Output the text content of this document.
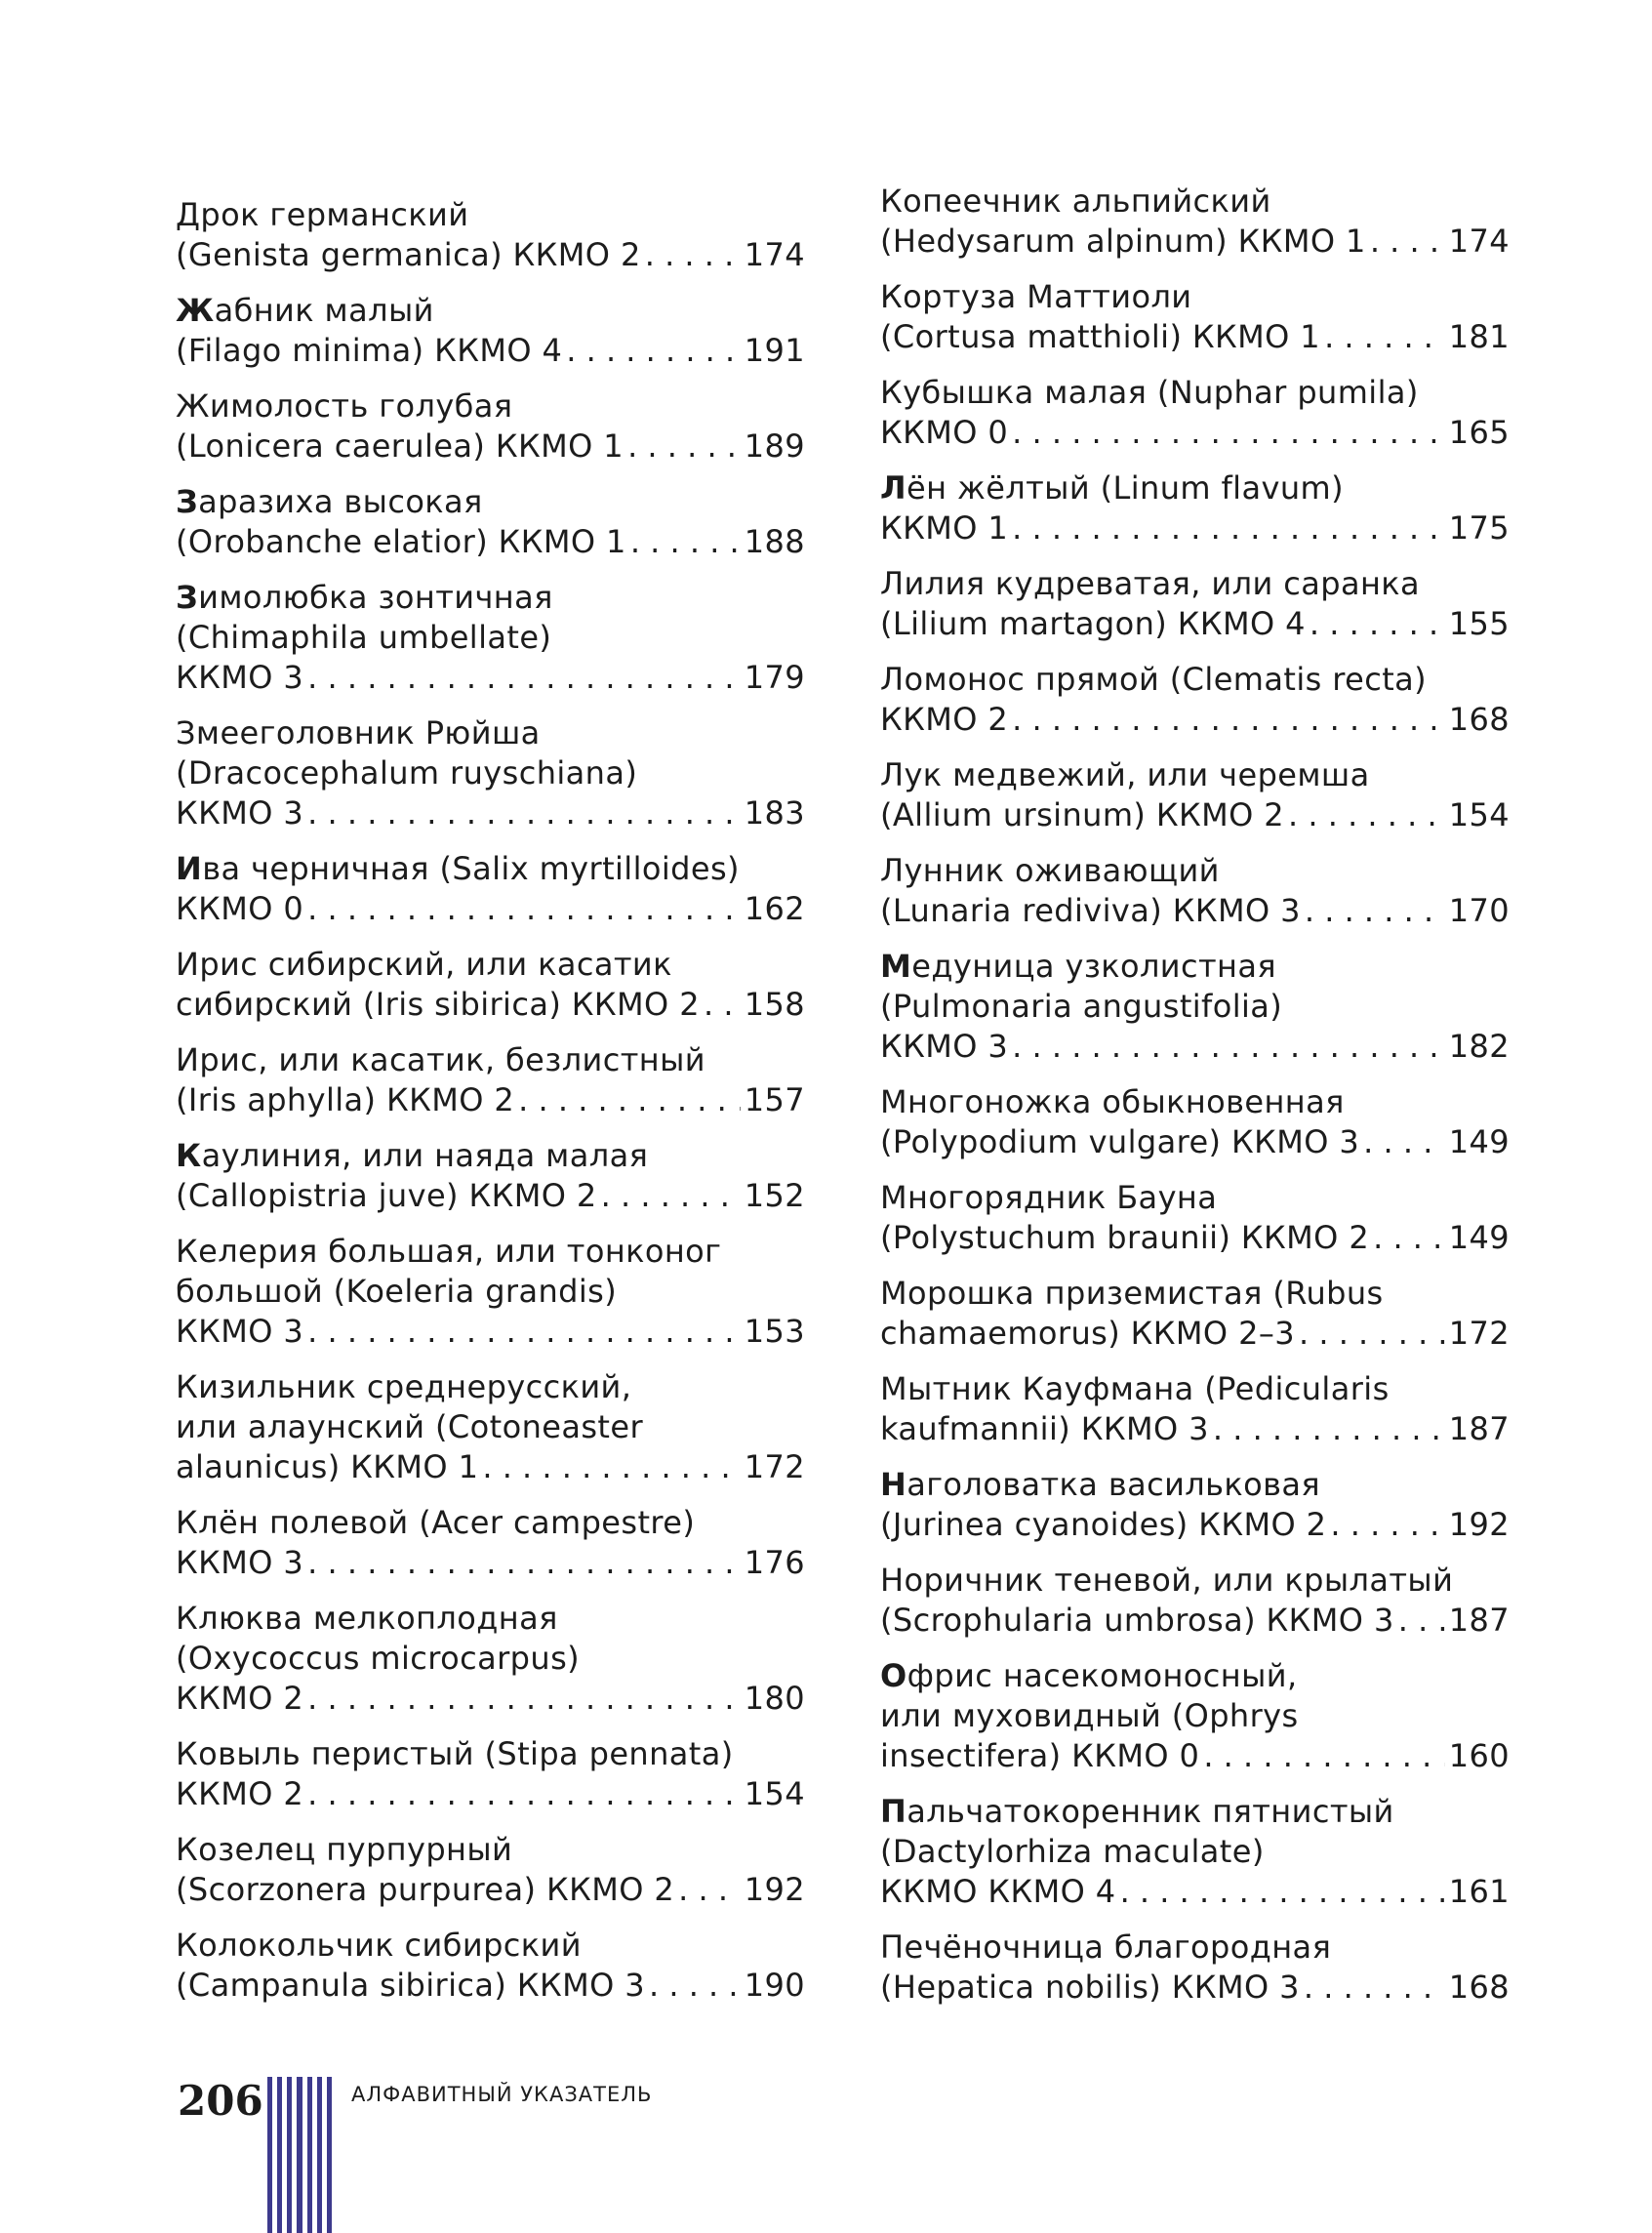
Дрок германский
(Genista germanica) ККМО 2 . . .	174
Жабник малый
(Filago minima) ККМО 4 . . .	191
Жимолость голубая
(Lonicera caerulea) ККМО 1 . . .	189
Заразиха высокая
(Orobanche elatior) ККМО 1 . . .	188
Зимолюбка зонтичная
(Chimaphila umbellate)
ККМО 3 . . .	179
Змееголовник Рюйша
(Dracocephalum ruyschiana)
ККМО 3 . . .	183
Ива черничная (Salix myrtilloides)
ККМО 0 . . .	162
Ирис сибирский, или касатик
сибирский (Iris sibirica) ККМО 2 . . . 158
Ирис, или касатик, безлистный
(Iris aphylla) ККМО 2 . . .	157
Каулиния, или наяда малая
(Callopistria juve) ККМО 2 . . .	152
Келерия большая, или тонконог
большой (Koeleria grandis)
ККМО 3 . . .	153
Кизильник среднерусский,
или алаунский (Cotoneaster
alaunicus) ККМО 1 . . .	172
Клён полевой (Acer campestre)
ККМО 3 . . .	176
Клюква мелкоплодная
(Oxycoccus microcarpus)
ККМО 2 . . .	180
Ковыль перистый (Stipa pennata)
ККМО 2 . . .	154
Козелец пурпурный
(Scorzonera purpurea) ККМО 2 . . . 192
Колокольчик сибирский
(Campanula sibirica) ККМО 3 . . .	190
Копеечник альпийский
(Hedysarum alpinum) ККМО 1 . . .	174
Кортуза Маттиоли
(Cortusa matthioli) ККМО 1 . . .	181
Кубышка малая (Nuphar pumila)
ККМО 0 . . .	165
Лён жёлтый (Linum flavum)
ККМО 1 . . .	175
Лилия кудреватая, или саранка
(Lilium martagon) ККМО 4 . . .	155
Ломонос прямой (Clematis recta)
ККМО 2 . . .	168
Лук медвежий, или черемша
(Allium ursinum) ККМО 2 . . .	154
Лунник оживающий
(Lunaria rediviva) ККМО 3 . . .	170
Медуница узколистная
(Pulmonaria angustifolia)
ККМО 3 . . .	182
Многоножка обыкновенная
(Polypodium vulgare) ККМО 3 . . .	149
Многорядник Бауна
(Polystuchum braunii) ККМО 2 . . .	149
Морошка приземистая (Rubus
chamaemorus) ККМО 2–3 . . .	172
Мытник Кауфмана (Pedicularis
kaufmannii) ККМО 3 . . .	187
Наголоватка васильковая
(Jurinea cyanoides) ККМО 2 . . .	192
Норичник теневой, или крылатый
(Scrophularia umbrosa) ККМО 3 . . . 187
Офрис насекомоносный,
или муховидный (Ophrys
insectifera) ККМО 0 . . .	160
Пальчатокоренник пятнистый
(Dactylorhiza maculate)
ККМО ККМО 4 . . .	161
Печёночница благородная
(Hepatica nobilis) ККМО 3 . . .	168
206	АЛФАВИТНЫЙ УКАЗАТЕЛЬ
